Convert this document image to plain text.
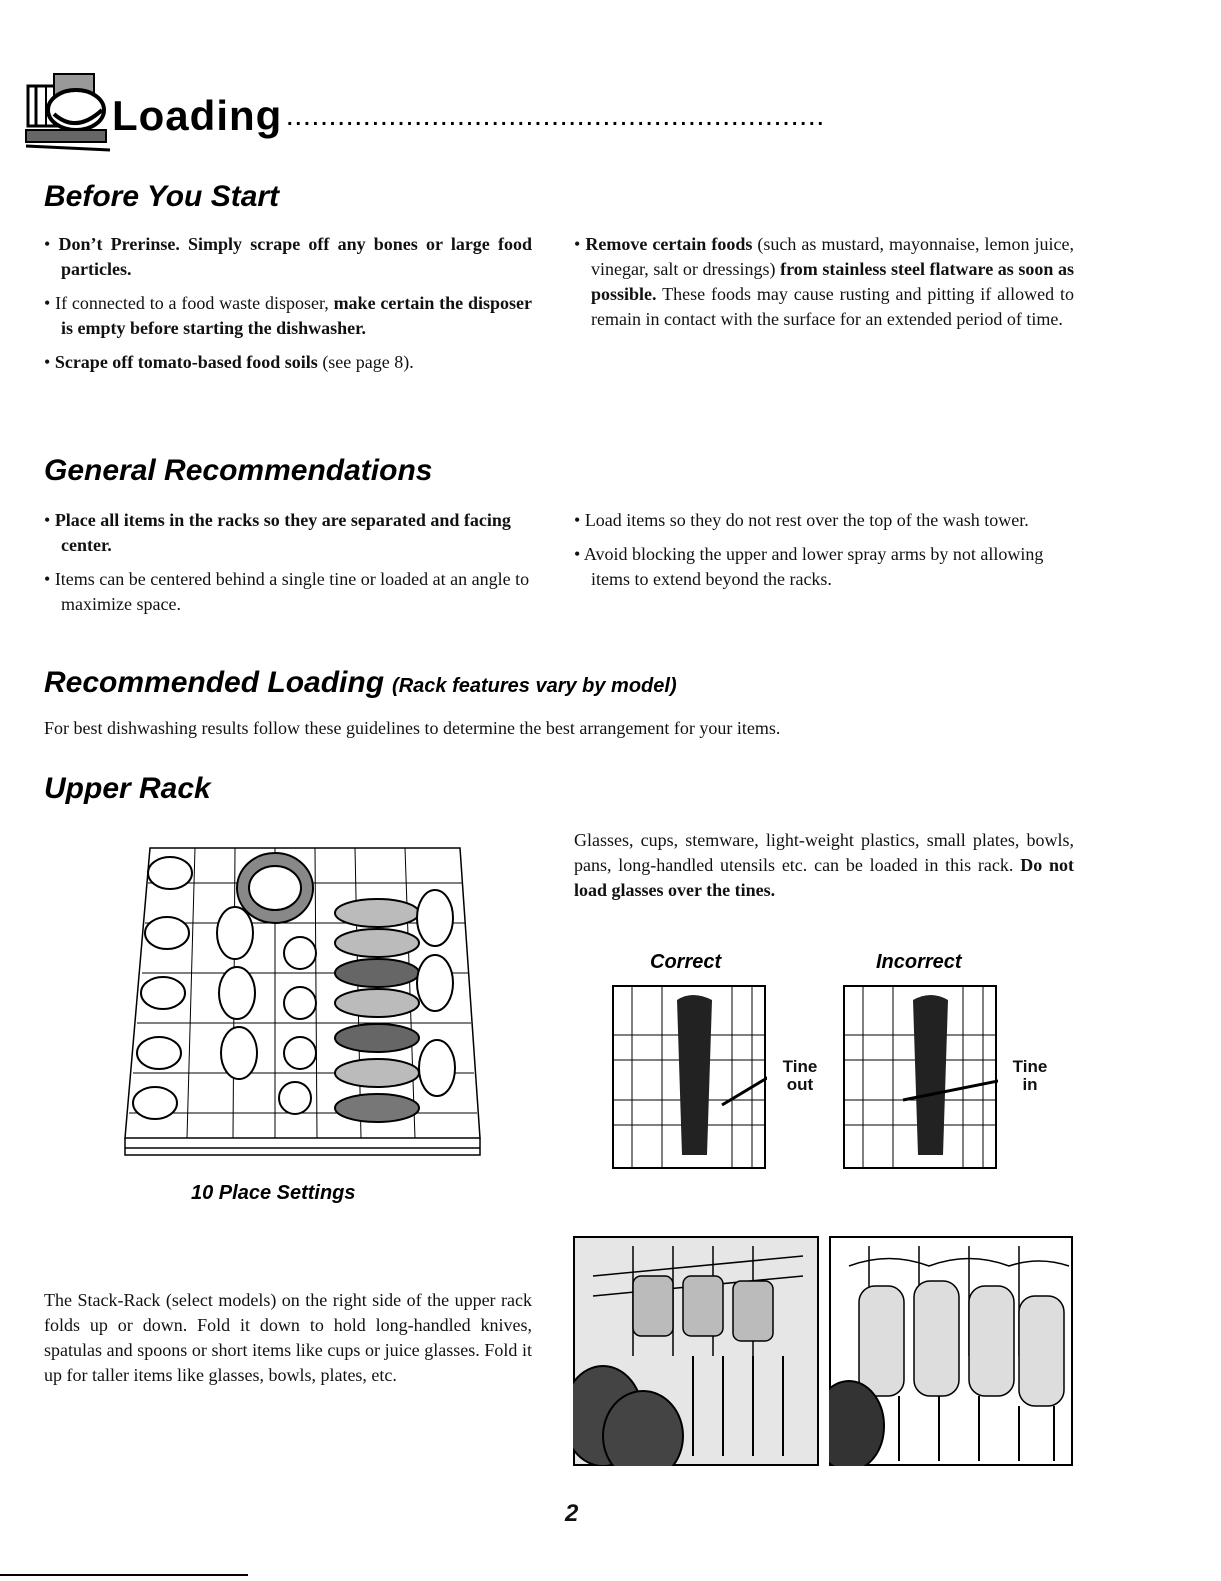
Loading ...............................................................
Before You Start

• Don’t Prerinse. Simply scrape off any bones or large food particles.

• If connected to a food waste disposer, make certain the disposer is empty before starting the dishwasher.

• Scrape off tomato-based food soils (see page 8).

• Remove certain foods (such as mustard, mayonnaise, lemon juice, vinegar, salt or dressings) from stainless steel flatware as soon as possible. These foods may cause rusting and pitting if allowed to remain in contact with the surface for an extended period of time.

General Recommendations

• Place all items in the racks so they are separated and facing center.

• Items can be centered behind a single tine or loaded at an angle to maximize space.

• Load items so they do not rest over the top of the wash tower.

• Avoid blocking the upper and lower spray arms by not allowing items to extend beyond the racks.

Recommended Loading (Rack features vary by model)

For best dishwashing results follow these guidelines to determine the best arrangement for your items.

Upper Rack
10 Place Settings

Glasses, cups, stemware, light-weight plastics, small plates, bowls, pans, long-handled utensils etc. can be loaded in this rack. Do not load glasses over the tines.

Correct	Incorrect
Tine out
Tine in

The Stack-Rack (select models) on the right side of the upper rack folds up or down. Fold it down to hold long-handled knives, spatulas and spoons or short items like cups or juice glasses. Fold it up for taller items like glasses, bowls, plates, etc.

2
